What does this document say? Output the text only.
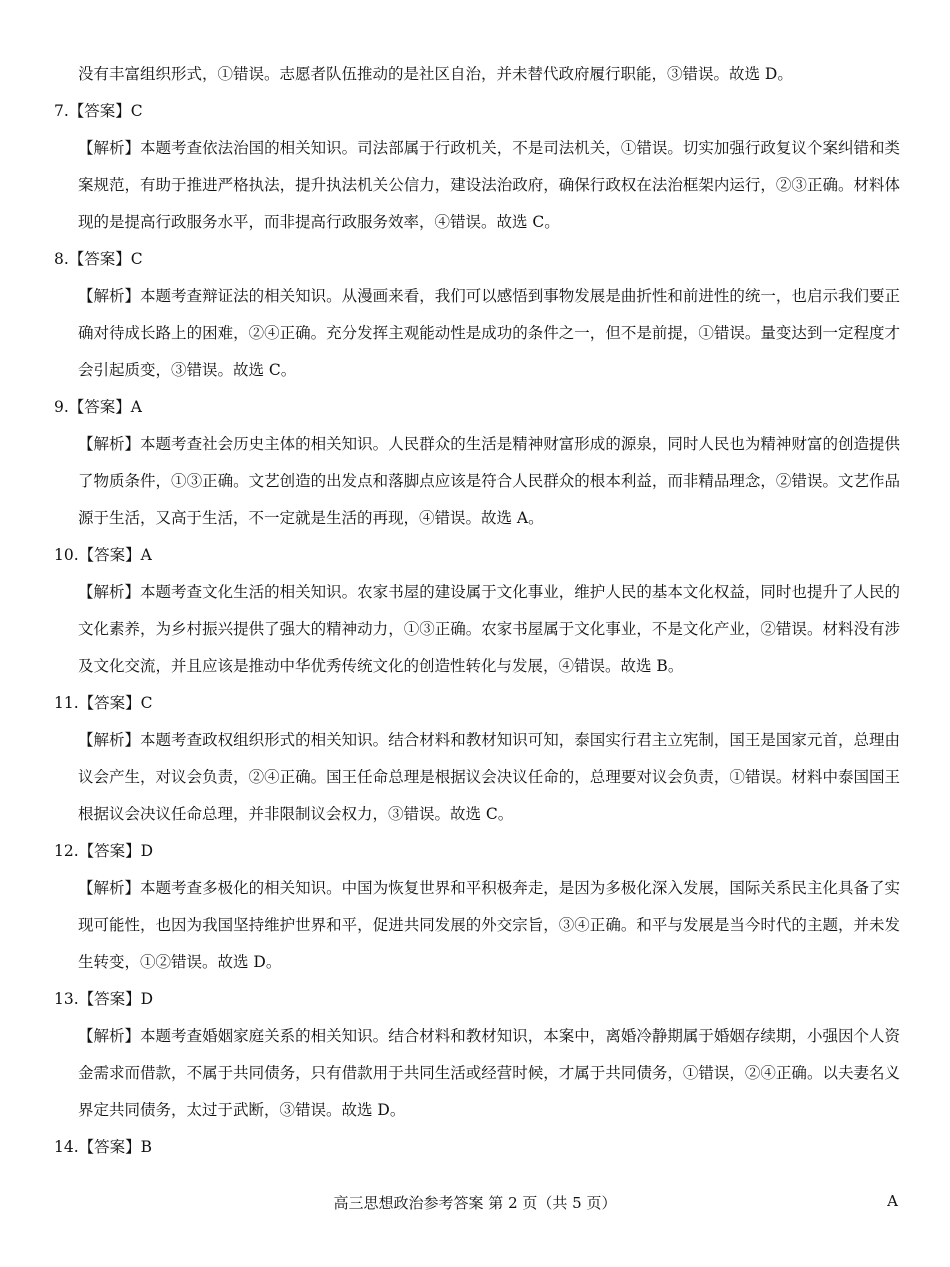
没有丰富组织形式，①错误。志愿者队伍推动的是社区自治，并未替代政府履行职能，③错误。故选 D。

7.【答案】C

【解析】本题考查依法治国的相关知识。司法部属于行政机关，不是司法机关，①错误。切实加强行政复议个案纠错和类案规范，有助于推进严格执法，提升执法机关公信力，建设法治政府，确保行政权在法治框架内运行，②③正确。材料体现的是提高行政服务水平，而非提高行政服务效率，④错误。故选 C。

8.【答案】C

【解析】本题考查辩证法的相关知识。从漫画来看，我们可以感悟到事物发展是曲折性和前进性的统一，也启示我们要正确对待成长路上的困难，②④正确。充分发挥主观能动性是成功的条件之一，但不是前提，①错误。量变达到一定程度才会引起质变，③错误。故选 C。

9.【答案】A

【解析】本题考查社会历史主体的相关知识。人民群众的生活是精神财富形成的源泉，同时人民也为精神财富的创造提供了物质条件，①③正确。文艺创造的出发点和落脚点应该是符合人民群众的根本利益，而非精品理念，②错误。文艺作品源于生活，又高于生活，不一定就是生活的再现，④错误。故选 A。

10.【答案】A

【解析】本题考查文化生活的相关知识。农家书屋的建设属于文化事业，维护人民的基本文化权益，同时也提升了人民的文化素养，为乡村振兴提供了强大的精神动力，①③正确。农家书屋属于文化事业，不是文化产业，②错误。材料没有涉及文化交流，并且应该是推动中华优秀传统文化的创造性转化与发展，④错误。故选 B。

11.【答案】C

【解析】本题考查政权组织形式的相关知识。结合材料和教材知识可知，泰国实行君主立宪制，国王是国家元首，总理由议会产生，对议会负责，②④正确。国王任命总理是根据议会决议任命的，总理要对议会负责，①错误。材料中泰国国王根据议会决议任命总理，并非限制议会权力，③错误。故选 C。

12.【答案】D

【解析】本题考查多极化的相关知识。中国为恢复世界和平积极奔走，是因为多极化深入发展，国际关系民主化具备了实现可能性，也因为我国坚持维护世界和平，促进共同发展的外交宗旨，③④正确。和平与发展是当今时代的主题，并未发生转变，①②错误。故选 D。

13.【答案】D

【解析】本题考查婚姻家庭关系的相关知识。结合材料和教材知识，本案中，离婚冷静期属于婚姻存续期，小强因个人资金需求而借款，不属于共同债务，只有借款用于共同生活或经营时候，才属于共同债务，①错误，②④正确。以夫妻名义界定共同债务，太过于武断，③错误。故选 D。

14.【答案】B

高三思想政治参考答案 第 2 页（共 5 页）	A
